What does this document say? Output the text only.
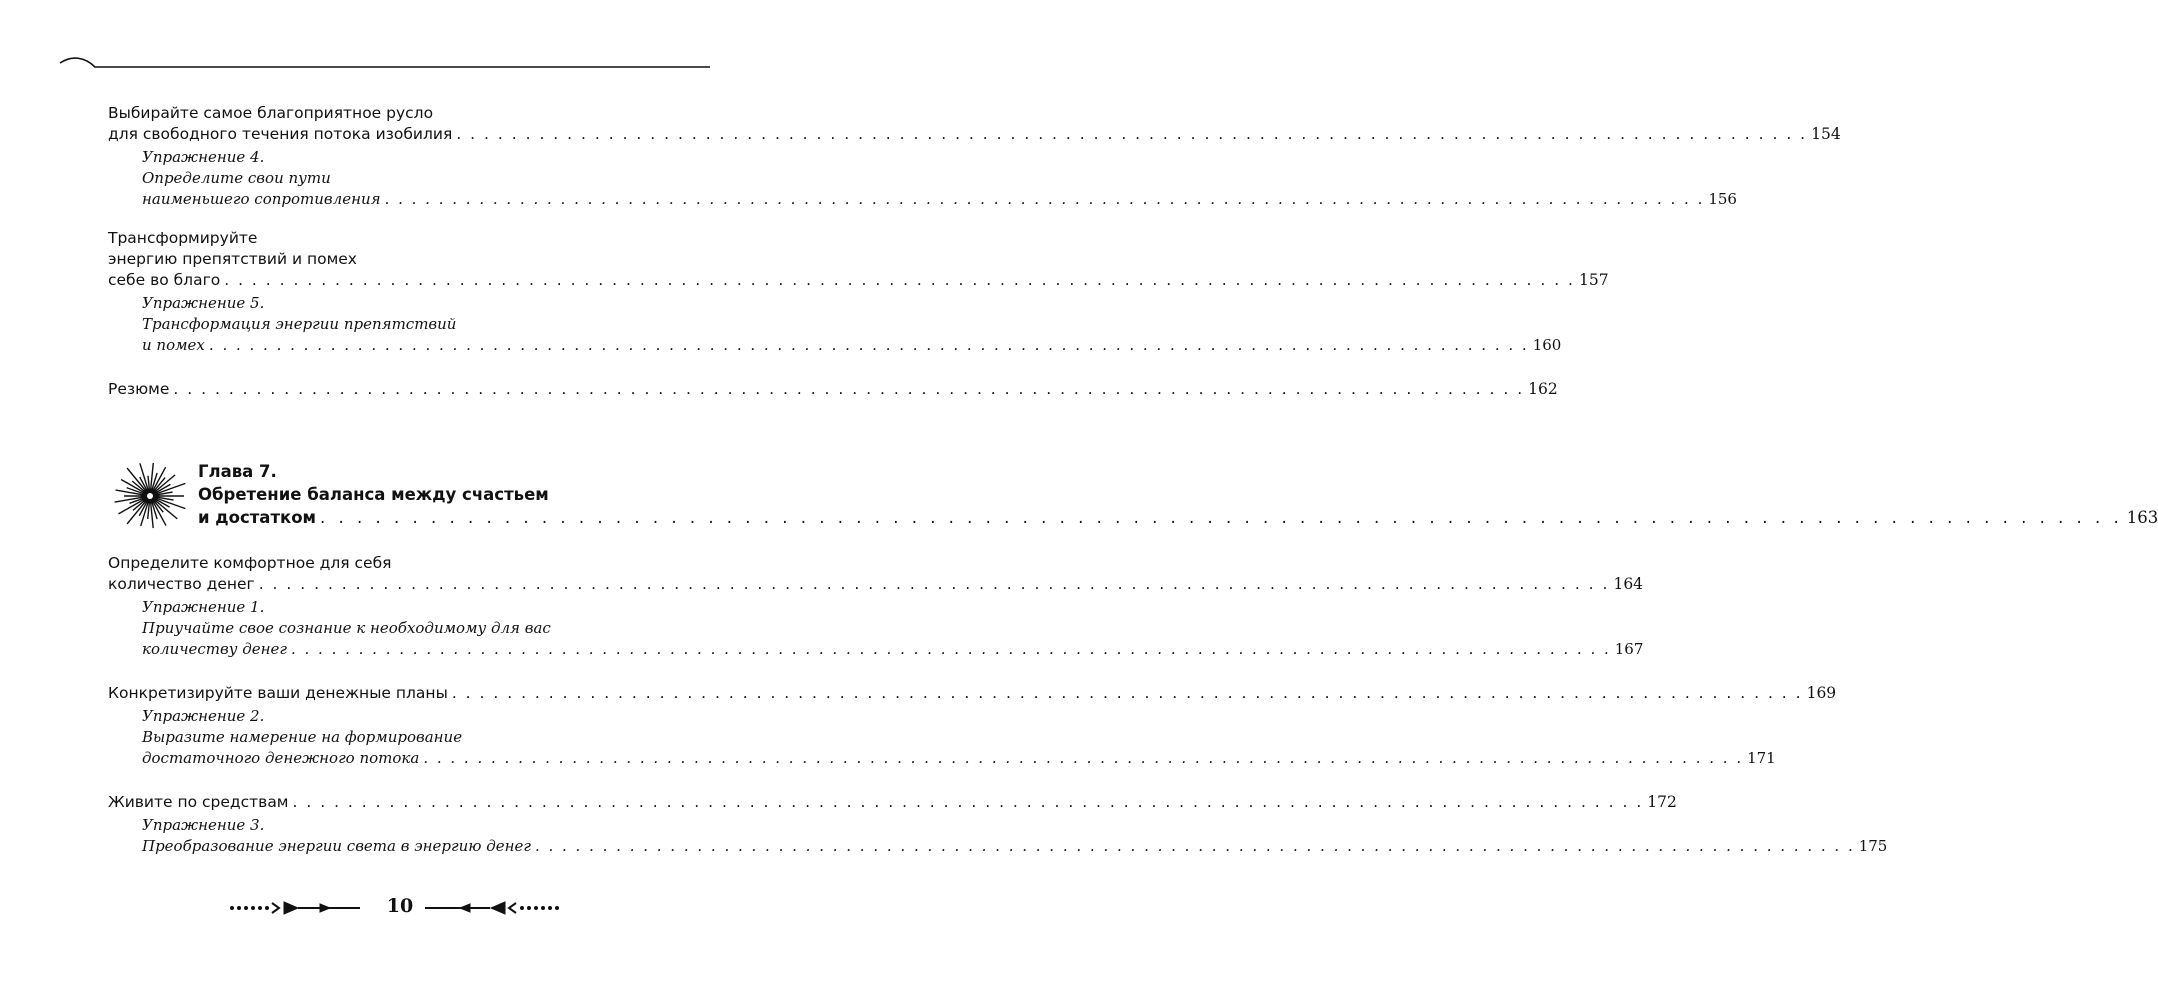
Выбирайте самое благоприятное русло
для свободного течения потока изобилия . . .	154
Упражнение 4.
Определите свои пути
наименьшего сопротивления . . .	156
Трансформируйте
энергию препятствий и помех
себе во благо . . .	157
Упражнение 5.
Трансформация энергии препятствий
и помех . . .	160
Резюме . . .	162
Глава 7.
Обретение баланса между счастьем
и достатком . . .	163
Определите комфортное для себя
количество денег . . .	164
Упражнение 1.
Приучайте свое сознание к необходимому для вас
количеству денег . . .	167
Конкретизируйте ваши денежные планы . . .	169
Упражнение 2.
Выразите намерение на формирование
достаточного денежного потока . . .	171
Живите по средствам . . .	172
Упражнение 3.
Преобразование энергии света в энергию денег . . .	175
10
